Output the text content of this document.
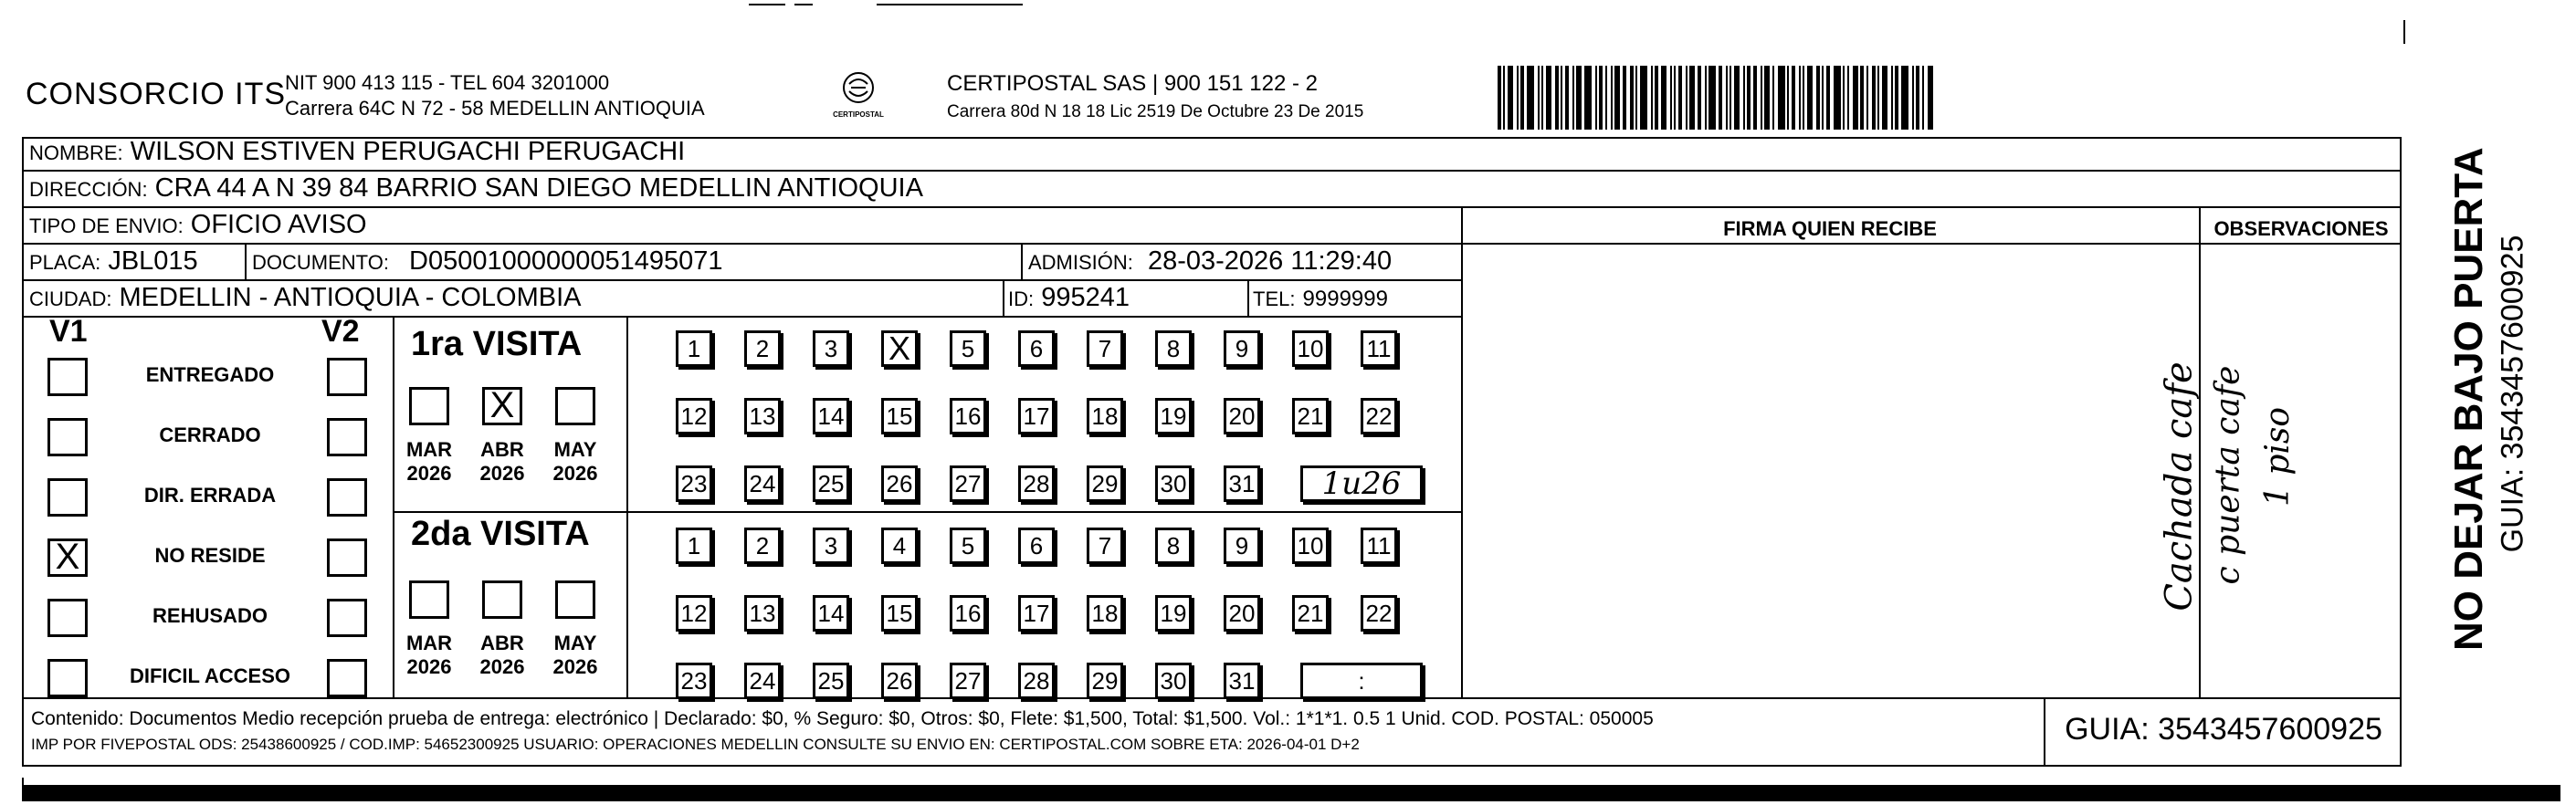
CONSORCIO ITS
NIT 900 413 115 - TEL 604 3201000
Carrera 64C N 72 - 58 MEDELLIN ANTIOQUIA	CERTIPOSTAL
CERTIPOSTAL SAS | 900 151 122 - 2
Carrera 80d N 18 18 Lic 2519 De Octubre 23 De 2015
NOMBRE: WILSON ESTIVEN PERUGACHI PERUGACHI
DIRECCIÓN: CRA 44 A N 39 84 BARRIO SAN DIEGO MEDELLIN ANTIOQUIA
TIPO DE ENVIO: OFICIO AVISO
PLACA: JBL015	DOCUMENTO: D05001000000051495071	ADMISIÓN: 28-03-2026 11:29:40
CIUDAD: MEDELLIN - ANTIOQUIA - COLOMBIA	ID: 995241	TEL: 9999999
FIRMA QUIEN RECIBE	OBSERVACIONES
Cachada cafe c puerta cafe 1 piso	NO DEJAR BAJO PUERTA GUIA: 3543457600925
V1	V2
ENTREGADO
CERRADO
DIR. ERRADA
X	NO RESIDE
REHUSADO
DIFICIL ACCESO
1ra VISITA
MAR
2026
X
ABR
2026
MAY
2026
1	2	3	X	5	6	7	8	9	10 11
12 13 14 15 16 17 18 19 20 21 22
23 24 25 26 27 28 29 30 31	1u26
2da VISITA
MAR
2026
ABR
2026
MAY
2026
1	2	3	4	5	6	7	8	9	10 11
12 13 14 15 16 17 18 19 20 21 22
23 24 25 26 27 28 29 30 31	:
Contenido: Documentos Medio recepción prueba de entrega: electrónico | Declarado: $0, % Seguro: $0, Otros: $0, Flete: $1,500, Total: $1,500. Vol.: 1*1*1. 0.5 1 Unid. COD. POSTAL: 050005
IMP POR FIVEPOSTAL ODS: 25438600925 / COD.IMP: 54652300925 USUARIO: OPERACIONES MEDELLIN CONSULTE SU ENVIO EN: CERTIPOSTAL.COM SOBRE ETA: 2026-04-01 D+2	GUIA: 3543457600925
